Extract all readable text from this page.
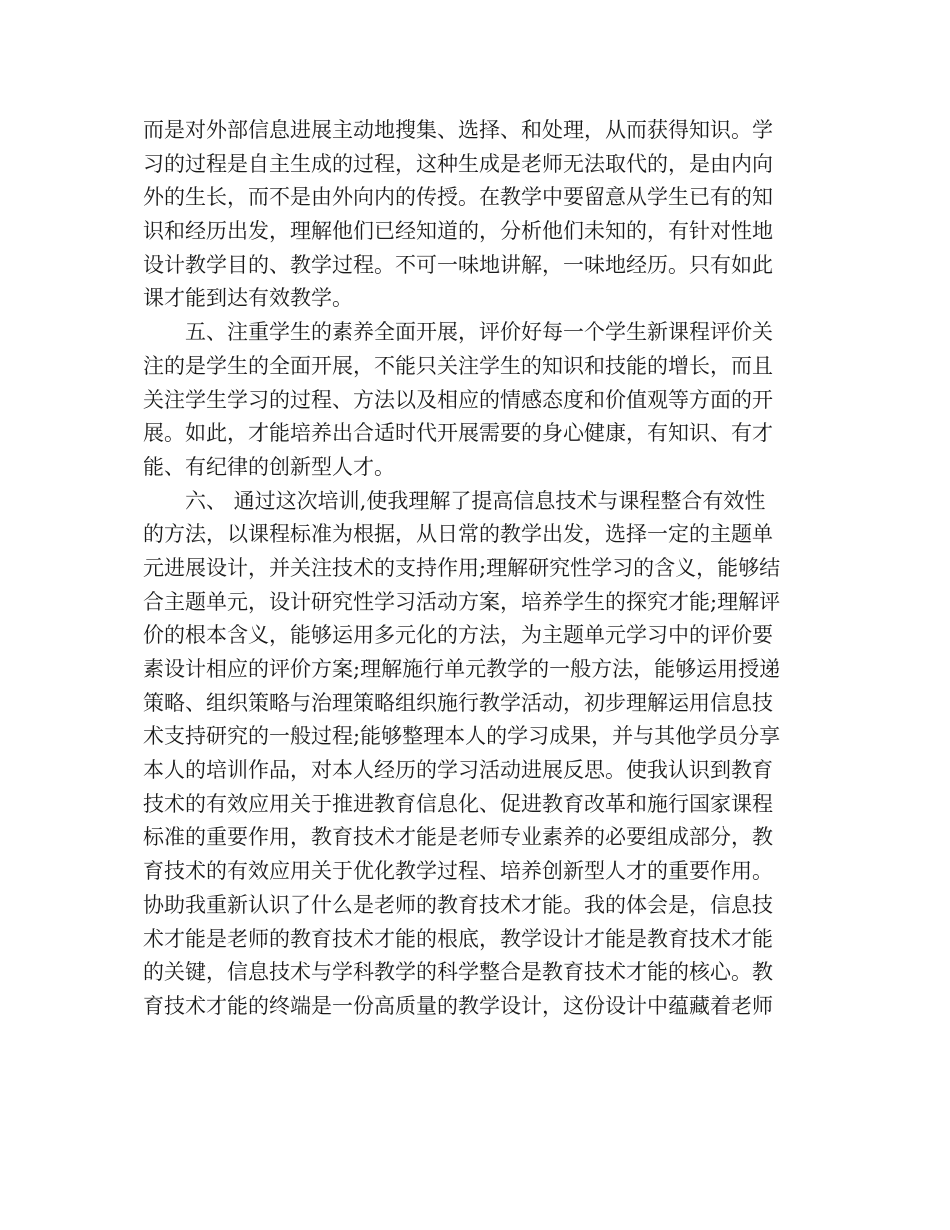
而是对外部信息进展主动地搜集、选择、和处理，从而获得知识。学
习的过程是自主生成的过程，这种生成是老师无法取代的，是由内向
外的生长，而不是由外向内的传授。在教学中要留意从学生已有的知
识和经历出发，理解他们已经知道的，分析他们未知的，有针对性地
设计教学目的、教学过程。不可一味地讲解，一味地经历。只有如此
课才能到达有效教学。
　　五、注重学生的素养全面开展，评价好每一个学生新课程评价关
注的是学生的全面开展，不能只关注学生的知识和技能的增长，而且
关注学生学习的过程、方法以及相应的情感态度和价值观等方面的开
展。如此，才能培养出合适时代开展需要的身心健康，有知识、有才
能、有纪律的创新型人才。
　　六、 通过这次培训,使我理解了提高信息技术与课程整合有效性
的方法，以课程标准为根据，从日常的教学出发，选择一定的主题单
元进展设计，并关注技术的支持作用;理解研究性学习的含义，能够结
合主题单元，设计研究性学习活动方案，培养学生的探究才能;理解评
价的根本含义，能够运用多元化的方法，为主题单元学习中的评价要
素设计相应的评价方案;理解施行单元教学的一般方法，能够运用授递
策略、组织策略与治理策略组织施行教学活动，初步理解运用信息技
术支持研究的一般过程;能够整理本人的学习成果，并与其他学员分享
本人的培训作品，对本人经历的学习活动进展反思。使我认识到教育
技术的有效应用关于推进教育信息化、促进教育改革和施行国家课程
标准的重要作用，教育技术才能是老师专业素养的必要组成部分，教
育技术的有效应用关于优化教学过程、培养创新型人才的重要作用。
协助我重新认识了什么是老师的教育技术才能。我的体会是，信息技
术才能是老师的教育技术才能的根底，教学设计才能是教育技术才能
的关键，信息技术与学科教学的科学整合是教育技术才能的核心。教
育技术才能的终端是一份高质量的教学设计，这份设计中蕴藏着老师
